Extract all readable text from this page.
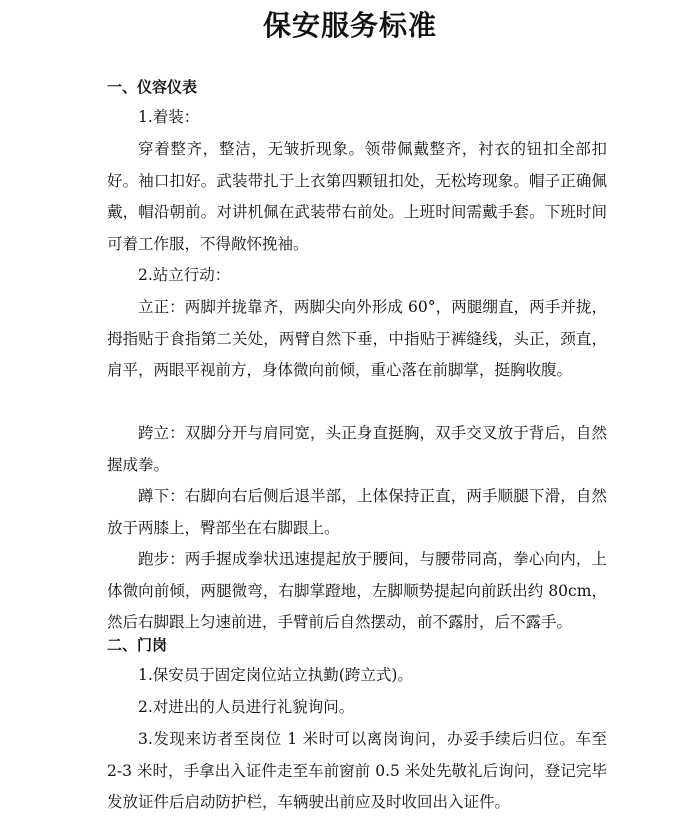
保安服务标准
一、仪容仪表

1.着装：

穿着整齐，整洁，无皱折现象。领带佩戴整齐，衬衣的钮扣全部扣好。袖口扣好。武装带扎于上衣第四颗钮扣处，无松垮现象。帽子正确佩戴，帽沿朝前。对讲机佩在武装带右前处。上班时间需戴手套。下班时间可着工作服，不得敞怀挽袖。

2.站立行动：

立正：两脚并拢靠齐，两脚尖向外形成 60°，两腿绷直，两手并拢，拇指贴于食指第二关处，两臂自然下垂，中指贴于裤缝线，头正，颈直，肩平，两眼平视前方，身体微向前倾，重心落在前脚掌，挺胸收腹。

跨立：双脚分开与肩同宽，头正身直挺胸，双手交叉放于背后，自然握成拳。

蹲下：右脚向右后侧后退半部，上体保持正直，两手顺腿下滑，自然放于两膝上，臀部坐在右脚跟上。

跑步：两手握成拳状迅速提起放于腰间，与腰带同高，拳心向内，上体微向前倾，两腿微弯，右脚掌蹬地，左脚顺势提起向前跃出约 80cm，然后右脚跟上匀速前进，手臂前后自然摆动，前不露肘，后不露手。

二、门岗

1.保安员于固定岗位站立执勤(跨立式)。

2.对进出的人员进行礼貌询问。

3.发现来访者至岗位 1 米时可以离岗询问，办妥手续后归位。车至 2-3 米时，手拿出入证件走至车前窗前 0.5 米处先敬礼后询问，登记完毕发放证件后启动防护栏，车辆驶出前应及时收回出入证件。
